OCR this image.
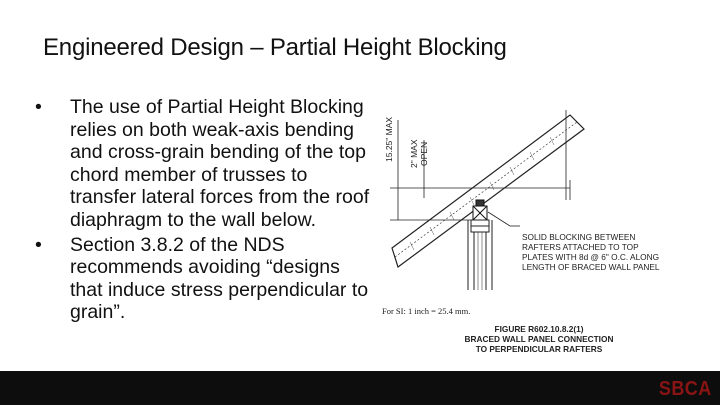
Engineered Design – Partial Height Blocking
• The use of Partial Height Blocking relies on both weak-axis bending and cross-grain bending of the top chord member of trusses to transfer lateral forces from the roof diaphragm to the wall below.
• Section 3.8.2 of the NDS recommends avoiding “designs that induce stress perpendicular to grain”.
15.25" MAX 2" MAX OPEN
SOLID BLOCKING BETWEEN
RAFTERS ATTACHED TO TOP
PLATES WITH 8d @ 6" O.C. ALONG
LENGTH OF BRACED WALL PANEL
For SI: 1 inch = 25.4 mm.
FIGURE R602.10.8.2(1)
BRACED WALL PANEL CONNECTION
TO PERPENDICULAR RAFTERS
SBCA
